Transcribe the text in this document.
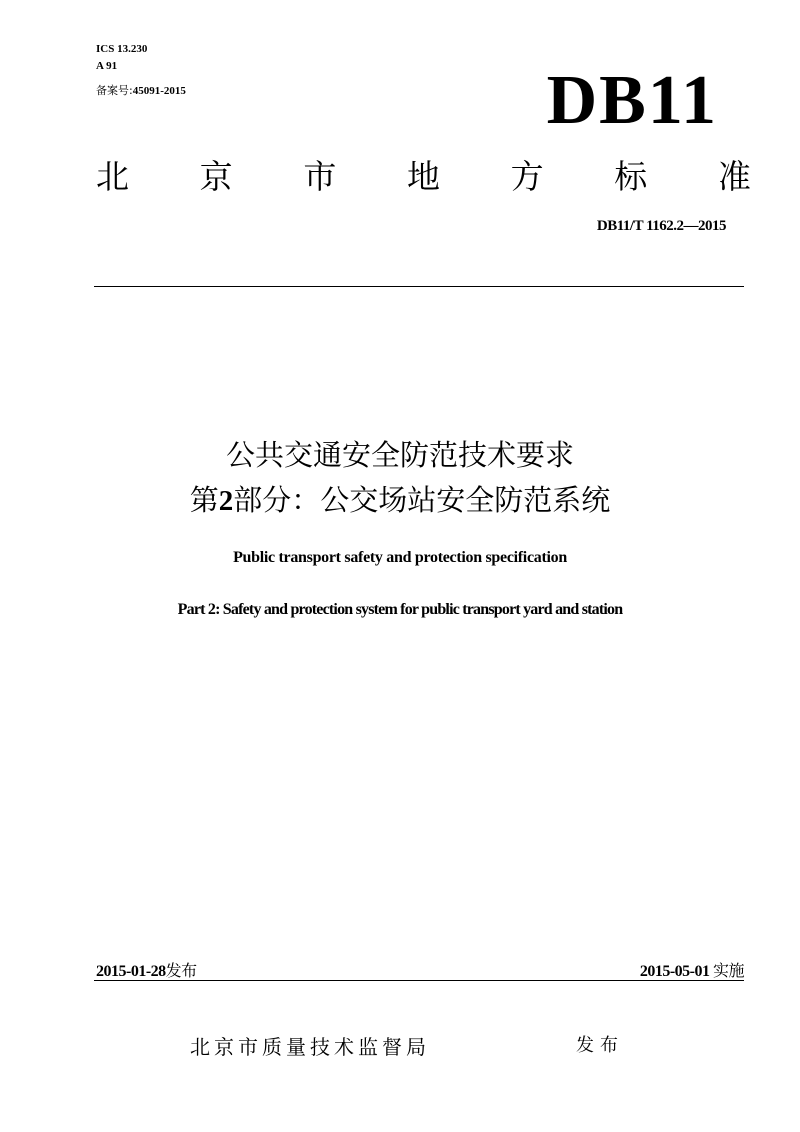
ICS 13.230
A 91
备案号:45091-2015	DB11
北 京 市 地 方 标 准
DB11/T 1162.2—2015
公共交通安全防范技术要求
第2部分：公交场站安全防范系统
Public transport safety and protection specification
Part 2: Safety and protection system for public transport yard and station
2015-01-28发布	2015-05-01 实施
北京市质量技术监督局	发布
